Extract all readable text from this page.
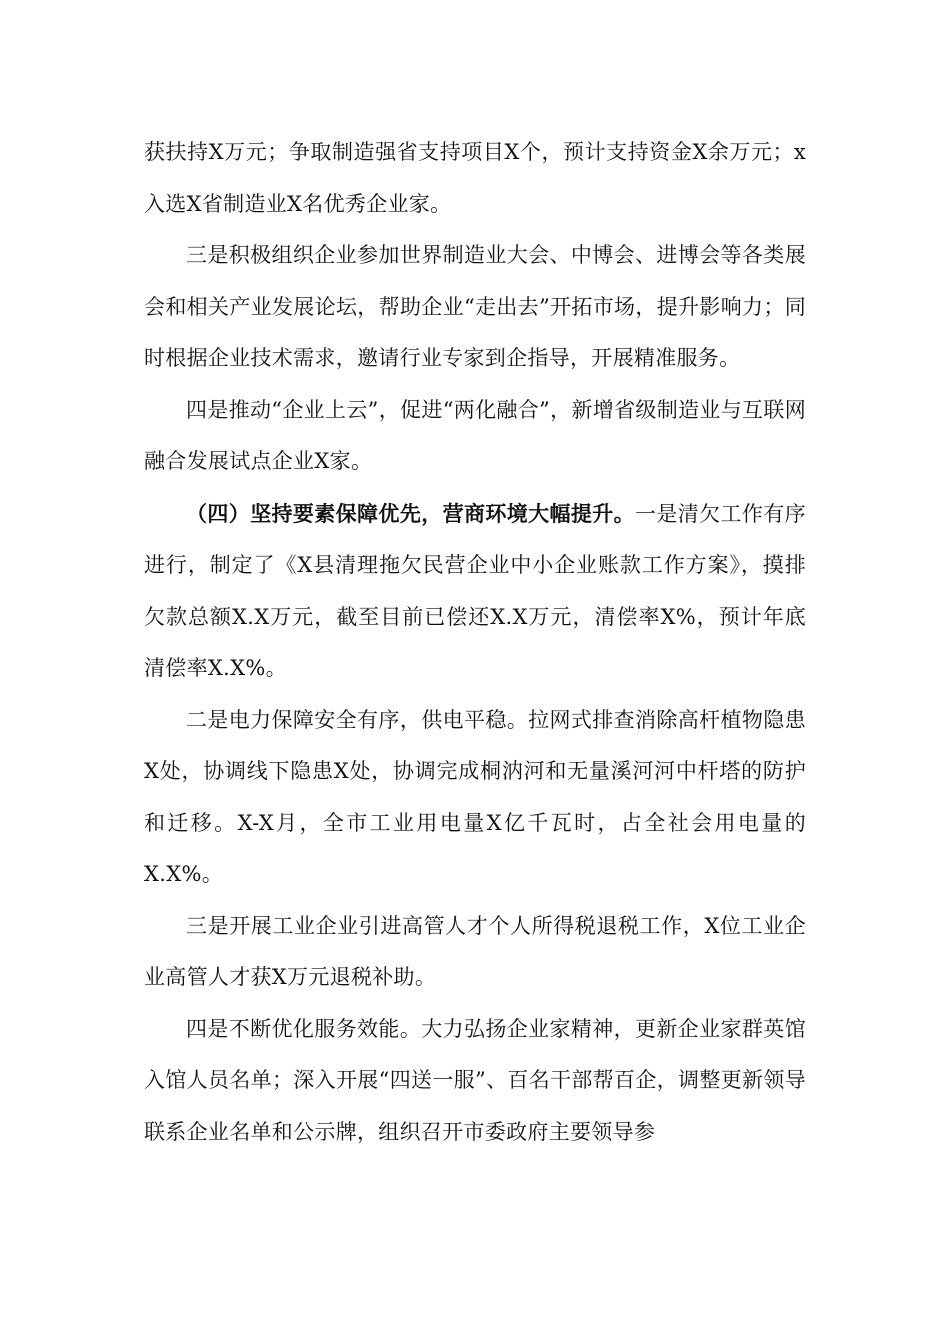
获扶持X万元；争取制造强省支持项目X个，预计支持资金X余万元；x入选X省制造业X名优秀企业家。

三是积极组织企业参加世界制造业大会、中博会、进博会等各类展会和相关产业发展论坛，帮助企业“走出去”开拓市场，提升影响力；同时根据企业技术需求，邀请行业专家到企指导，开展精准服务。

四是推动“企业上云”，促进“两化融合”，新增省级制造业与互联网融合发展试点企业X家。

（四）坚持要素保障优先，营商环境大幅提升。一是清欠工作有序进行，制定了《X县清理拖欠民营企业中小企业账款工作方案》，摸排欠款总额X.X万元，截至目前已偿还X.X万元，清偿率X%，预计年底清偿率X.X%。

二是电力保障安全有序，供电平稳。拉网式排查消除高杆植物隐患X处，协调线下隐患X处，协调完成桐汭河和无量溪河河中杆塔的防护和迁移。X-X月，全市工业用电量X亿千瓦时，占全社会用电量的X.X%。

三是开展工业企业引进高管人才个人所得税退税工作，X位工业企业高管人才获X万元退税补助。

四是不断优化服务效能。大力弘扬企业家精神，更新企业家群英馆入馆人员名单；深入开展“四送一服”、百名干部帮百企，调整更新领导联系企业名单和公示牌，组织召开市委政府主要领导参
